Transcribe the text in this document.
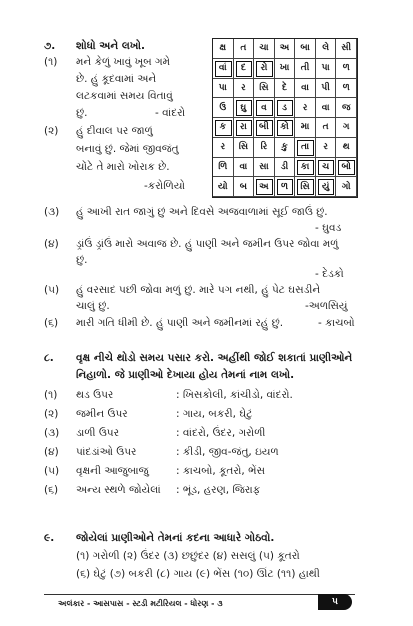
૭. શોધો અને લખો.
(૧) મને કેળું ખાવું ખૂબ ગમે
છે. હું કૂદવામાં અને
લટકવામાં સમય વિતાવું
છું.	- વાંદરો
(૨) હું દીવાલ પર જાળું
બનાવું છું. જેમાં જીવજંતુ
ચોંટે તે મારો ખોરાક છે.
-કરોળિયો
ક્ષ	ત	ચા	અ	બા	લે	સી
વાં	દ	રો	ખા	તી	પા	ળ
પા	ર	સિ	દે	વા	પી	ળ
ઉ	ઘુ	વ	ડ	ર	વા	જ
ક	રા	બી	કો	મા	ત	ગ
ર	સિ	રિ	કુ	તા	ર	થ
ળિ	વા	સા	ડી	કા	ચ	બો
યો	બ	અ	ળ	સિ	યું	ગો
(૩) હું આખી રાત જાગું છું અને દિવસે અજવાળામાં સૂઈ જાઉં છું.
- ઘુવડ
(૪) ડ્રાંઉં ડ્રાંઉં મારો અવાજ છે. હું પાણી અને જમીન ઉપર જોવા મળું
છું.
- દેડકો
(૫) હું વરસાદ પછી જોવા મળું છું. મારે પગ નથી, હું પેટ ઘસડીને
ચાલું છું.	-અળસિયું
(૬) મારી ગતિ ધીમી છે. હું પાણી અને જમીનમાં રહું છું.	- કાચબો
૮. વૃક્ષ નીચે થોડો સમય પસાર કરો. અહીંથી જોઈ શકાતાં પ્રાણીઓને
નિહાળો. જે પ્રાણીઓ દેખાયા હોય તેમનાં નામ લખો.
(૧) થડ ઉપર	: ખિસકોલી, કાંચીડો, વાંદરો.
(૨) જમીન ઉપર	: ગાય, બકરી, ઘેટું
(૩) ડાળી ઉપર	: વાંદરો, ઉંદર, ગરોળી
(૪) પાંદડાંઓ ઉપર	: કીડી, જીવ-જંતુ, ઇયળ
(૫) વૃક્ષની આજુબાજુ	: કાચબો, કૂતરો, ભેંસ
(૬) અન્ય સ્થળે જોયેલાં : ભૂંડ, હરણ, જિરાફ
૯. જોયેલાં પ્રાણીઓને તેમનાં કદના આધારે ગોઠવો.
(૧) ગરોળી (૨) ઉંદર (૩) છછુંદર (૪) સસલું (૫) કૂતરો
(૬) ઘેટું (૭) બકરી (૮) ગાય (૯) ભેંસ (૧૦) ઊંટ (૧૧) હાથી
અલંકાર - આસપાસ - સ્ટડી મટીરિયલ - ધોરણ - ૩	૫
